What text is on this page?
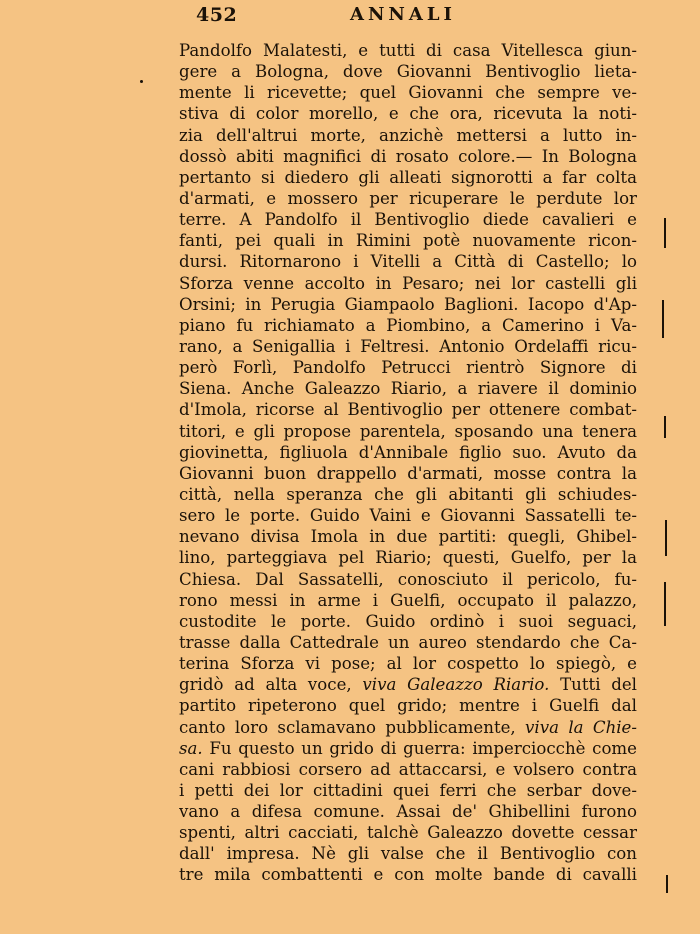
452	ANNALI
Pandolfo Malatesti, e tutti di casa Vitellesca giun-
gere a Bologna, dove Giovanni Bentivoglio lieta-
mente li ricevette; quel Giovanni che sempre ve-
stiva di color morello, e che ora, ricevuta la noti-
zia dell'altrui morte, anzichè mettersi a lutto in-
dossò abiti magnifici di rosato colore.— In Bologna
pertanto si diedero gli alleati signorotti a far colta
d'armati, e mossero per ricuperare le perdute lor
terre. A Pandolfo il Bentivoglio diede cavalieri e
fanti, pei quali in Rimini potè nuovamente ricon-
dursi. Ritornarono i Vitelli a Città di Castello; lo
Sforza venne accolto in Pesaro; nei lor castelli gli
Orsini; in Perugia Giampaolo Baglioni. Iacopo d'Ap-
piano fu richiamato a Piombino, a Camerino i Va-
rano, a Senigallia i Feltresi. Antonio Ordelaffi ricu-
però Forlì, Pandolfo Petrucci rientrò Signore di
Siena. Anche Galeazzo Riario, a riavere il dominio
d'Imola, ricorse al Bentivoglio per ottenere combat-
titori, e gli propose parentela, sposando una tenera
giovinetta, figliuola d'Annibale figlio suo. Avuto da
Giovanni buon drappello d'armati, mosse contra la
città, nella speranza che gli abitanti gli schiudes-
sero le porte. Guido Vaini e Giovanni Sassatelli te-
nevano divisa Imola in due partiti: quegli, Ghibel-
lino, parteggiava pel Riario; questi, Guelfo, per la
Chiesa. Dal Sassatelli, conosciuto il pericolo, fu-
rono messi in arme i Guelfi, occupato il palazzo,
custodite le porte. Guido ordinò i suoi seguaci,
trasse dalla Cattedrale un aureo stendardo che Ca-
terina Sforza vi pose; al lor cospetto lo spiegò, e
gridò ad alta voce, viva Galeazzo Riario. Tutti del
partito ripeterono quel grido; mentre i Guelfi dal
canto loro sclamavano pubblicamente, viva la Chie-
sa. Fu questo un grido di guerra: imperciocchè come
cani rabbiosi corsero ad attaccarsi, e volsero contra
i petti dei lor cittadini quei ferri che serbar dove-
vano a difesa comune. Assai de' Ghibellini furono
spenti, altri cacciati, talchè Galeazzo dovette cessar
dall' impresa. Nè gli valse che il Bentivoglio con
tre mila combattenti e con molte bande di cavalli
